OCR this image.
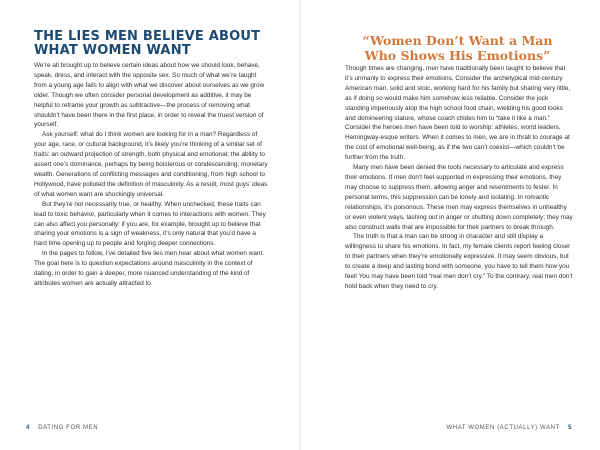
THE LIES MEN BELIEVE ABOUT WHAT WOMEN WANT

We’re all brought up to believe certain ideas about how we should look, behave, speak, dress, and interact with the opposite sex. So much of what we’re taught from a young age fails to align with what we discover about ourselves as we grow older. Though we often consider personal development as additive, it may be helpful to reframe your growth as subtractive—the process of removing what shouldn’t have been there in the first place, in order to reveal the truest version of yourself.

Ask yourself: what do I think women are looking for in a man? Regardless of your age, race, or cultural background, it’s likely you’re thinking of a similar set of traits: an outward projection of strength, both physical and emotional; the ability to assert one’s dominance, perhaps by being boisterous or condescending; monetary wealth. Generations of conflicting messages and conditioning, from high school to Hollywood, have polluted the definition of masculinity. As a result, most guys’ ideas of what women want are shockingly universal.

But they’re not necessarily true, or healthy. When unchecked, these traits can lead to toxic behavior, particularly when it comes to interactions with women. They can also affect you personally: if you are, for example, brought up to believe that sharing your emotions is a sign of weakness, it’s only natural that you’d have a hard time opening up to people and forging deeper connections.

In the pages to follow, I’ve detailed five lies men hear about what women want. The goal here is to question expectations around masculinity in the context of dating, in order to gain a deeper, more nuanced understanding of the kind of attributes women are actually attracted to.

4 DATING FOR MEN
“Women Don’t Want a Man Who Shows His Emotions”

Though times are changing, men have traditionally been taught to believe that it’s unmanly to express their emotions. Consider the archetypical mid-century American man, solid and stoic, working hard for his family but sharing very little, as if doing so would make him somehow less reliable. Consider the jock standing imperiously atop the high school food chain, wielding his good looks and domineering stature, whose coach chides him to “take it like a man.” Consider the heroes men have been told to worship: athletes, world leaders, Hemingway-esque writers. When it comes to men, we are in thrall to courage at the cost of emotional well-being, as if the two can’t coexist—which couldn’t be further from the truth.

Many men have been denied the tools necessary to articulate and express their emotions. If men don’t feel supported in expressing their emotions, they may choose to suppress them, allowing anger and resentments to fester. In personal terms, this suppression can be lonely and isolating. In romantic relationships, it’s poisonous. These men may express themselves in unhealthy or even violent ways, lashing out in anger or shutting down completely; they may also construct walls that are impossible for their partners to break through.

The truth is that a man can be strong in character and still display a willingness to share his emotions. In fact, my female clients report feeling closer to their partners when they’re emotionally expressive. It may seem obvious, but to create a deep and lasting bond with someone, you have to tell them how you feel! You may have been told “real men don’t cry.” To the contrary, real men don’t hold back when they need to cry.

WHAT WOMEN (ACTUALLY) WANT 5
